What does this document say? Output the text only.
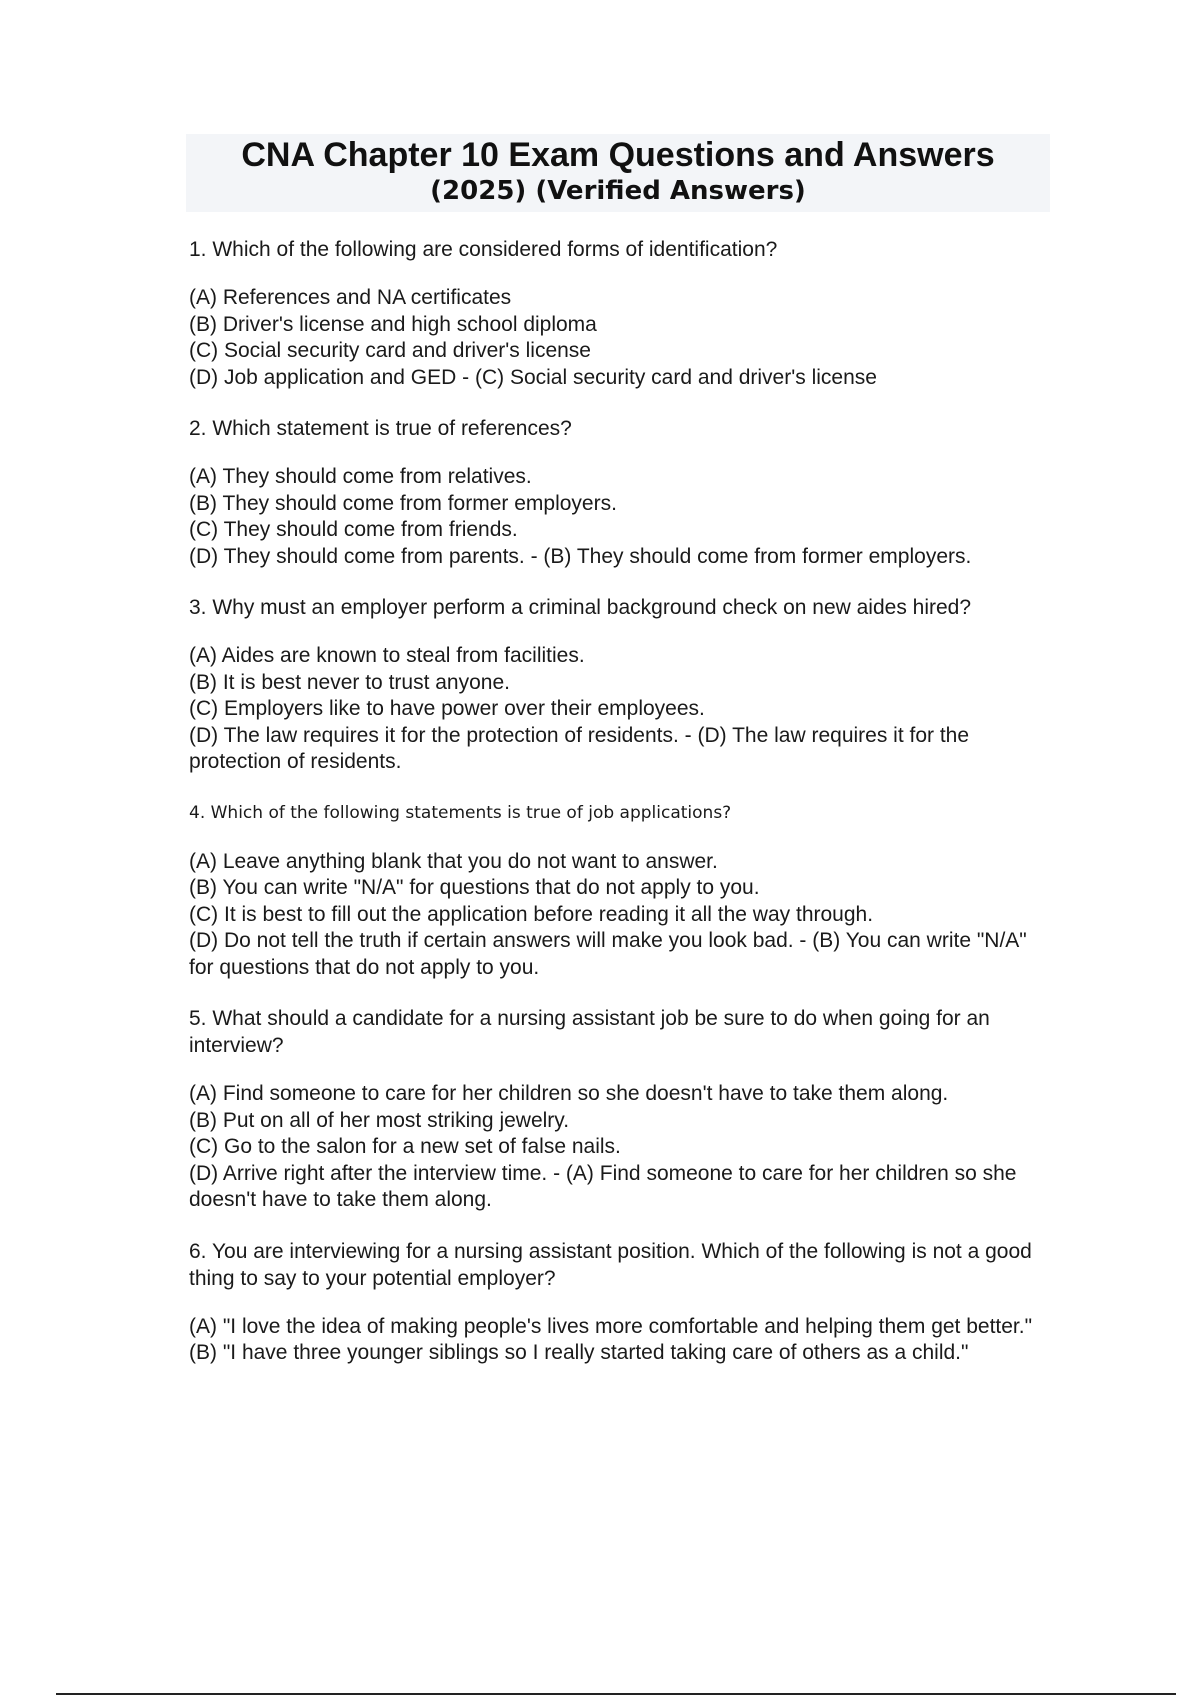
CNA Chapter 10 Exam Questions and Answers
(2025) (Verified Answers)
1. Which of the following are considered forms of identification?
(A) References and NA certificates
(B) Driver's license and high school diploma
(C) Social security card and driver's license
(D) Job application and GED - (C) Social security card and driver's license
2. Which statement is true of references?
(A) They should come from relatives.
(B) They should come from former employers.
(C) They should come from friends.
(D) They should come from parents. - (B) They should come from former employers.
3. Why must an employer perform a criminal background check on new aides hired?
(A) Aides are known to steal from facilities.
(B) It is best never to trust anyone.
(C) Employers like to have power over their employees.
(D) The law requires it for the protection of residents. - (D) The law requires it for the protection of residents.
4. Which of the following statements is true of job applications?
(A) Leave anything blank that you do not want to answer.
(B) You can write "N/A" for questions that do not apply to you.
(C) It is best to fill out the application before reading it all the way through.
(D) Do not tell the truth if certain answers will make you look bad. - (B) You can write "N/A" for questions that do not apply to you.
5. What should a candidate for a nursing assistant job be sure to do when going for an interview?
(A) Find someone to care for her children so she doesn't have to take them along.
(B) Put on all of her most striking jewelry.
(C) Go to the salon for a new set of false nails.
(D) Arrive right after the interview time. - (A) Find someone to care for her children so she doesn't have to take them along.
6. You are interviewing for a nursing assistant position. Which of the following is not a good thing to say to your potential employer?
(A) "I love the idea of making people's lives more comfortable and helping them get better."
(B) "I have three younger siblings so I really started taking care of others as a child."
